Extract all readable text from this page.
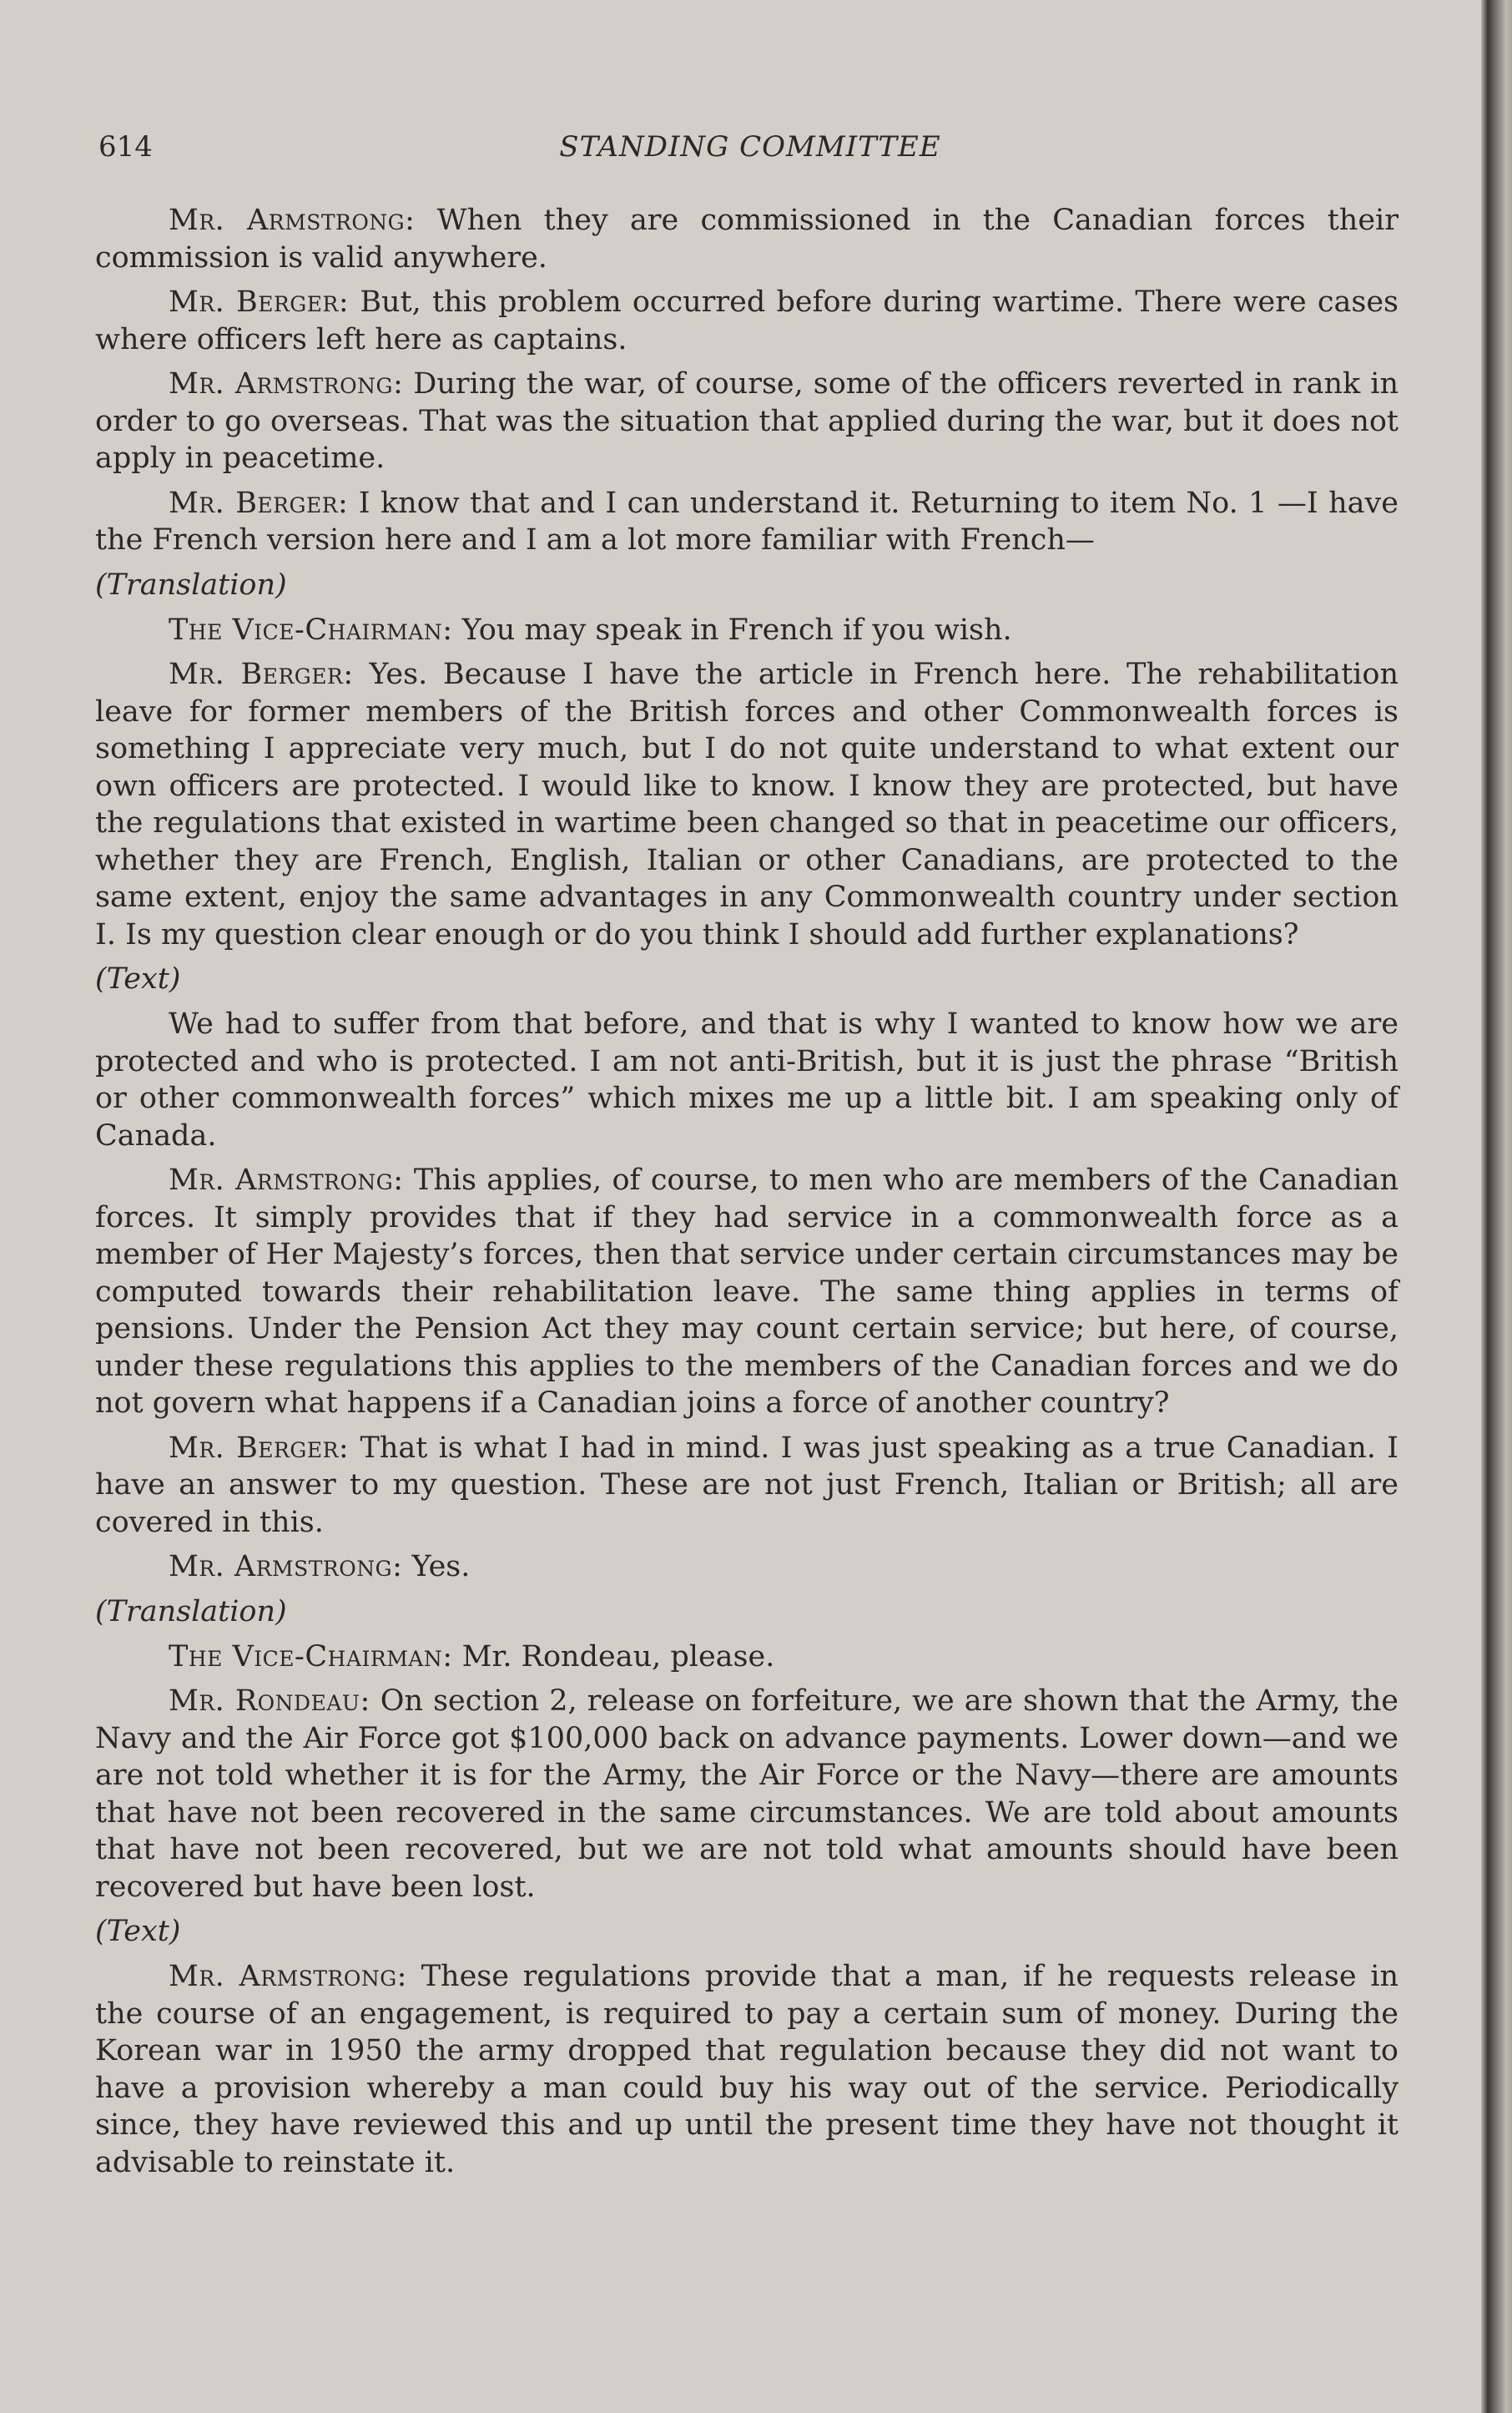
614	STANDING COMMITTEE

Mr. Armstrong: When they are commissioned in the Canadian forces their commission is valid anywhere.

Mr. Berger: But, this problem occurred before during wartime. There were cases where officers left here as captains.

Mr. Armstrong: During the war, of course, some of the officers reverted in rank in order to go overseas. That was the situation that applied during the war, but it does not apply in peacetime.

Mr. Berger: I know that and I can understand it. Returning to item No. 1 —I have the French version here and I am a lot more familiar with French—

(Translation)

The Vice-Chairman: You may speak in French if you wish.

Mr. Berger: Yes. Because I have the article in French here. The rehabilitation leave for former members of the British forces and other Commonwealth forces is something I appreciate very much, but I do not quite understand to what extent our own officers are protected. I would like to know. I know they are protected, but have the regulations that existed in wartime been changed so that in peacetime our officers, whether they are French, English, Italian or other Canadians, are protected to the same extent, enjoy the same advantages in any Commonwealth country under section I. Is my question clear enough or do you think I should add further explanations?

(Text)

We had to suffer from that before, and that is why I wanted to know how we are protected and who is protected. I am not anti-British, but it is just the phrase “British or other commonwealth forces” which mixes me up a little bit. I am speaking only of Canada.

Mr. Armstrong: This applies, of course, to men who are members of the Canadian forces. It simply provides that if they had service in a commonwealth force as a member of Her Majesty’s forces, then that service under certain circumstances may be computed towards their rehabilitation leave. The same thing applies in terms of pensions. Under the Pension Act they may count certain service; but here, of course, under these regulations this applies to the members of the Canadian forces and we do not govern what happens if a Canadian joins a force of another country?

Mr. Berger: That is what I had in mind. I was just speaking as a true Canadian. I have an answer to my question. These are not just French, Italian or British; all are covered in this.

Mr. Armstrong: Yes.

(Translation)

The Vice-Chairman: Mr. Rondeau, please.

Mr. Rondeau: On section 2, release on forfeiture, we are shown that the Army, the Navy and the Air Force got $100,000 back on advance payments. Lower down—and we are not told whether it is for the Army, the Air Force or the Navy—there are amounts that have not been recovered in the same circumstances. We are told about amounts that have not been recovered, but we are not told what amounts should have been recovered but have been lost.

(Text)

Mr. Armstrong: These regulations provide that a man, if he requests release in the course of an engagement, is required to pay a certain sum of money. During the Korean war in 1950 the army dropped that regulation because they did not want to have a provision whereby a man could buy his way out of the service. Periodically since, they have reviewed this and up until the present time they have not thought it advisable to reinstate it.
